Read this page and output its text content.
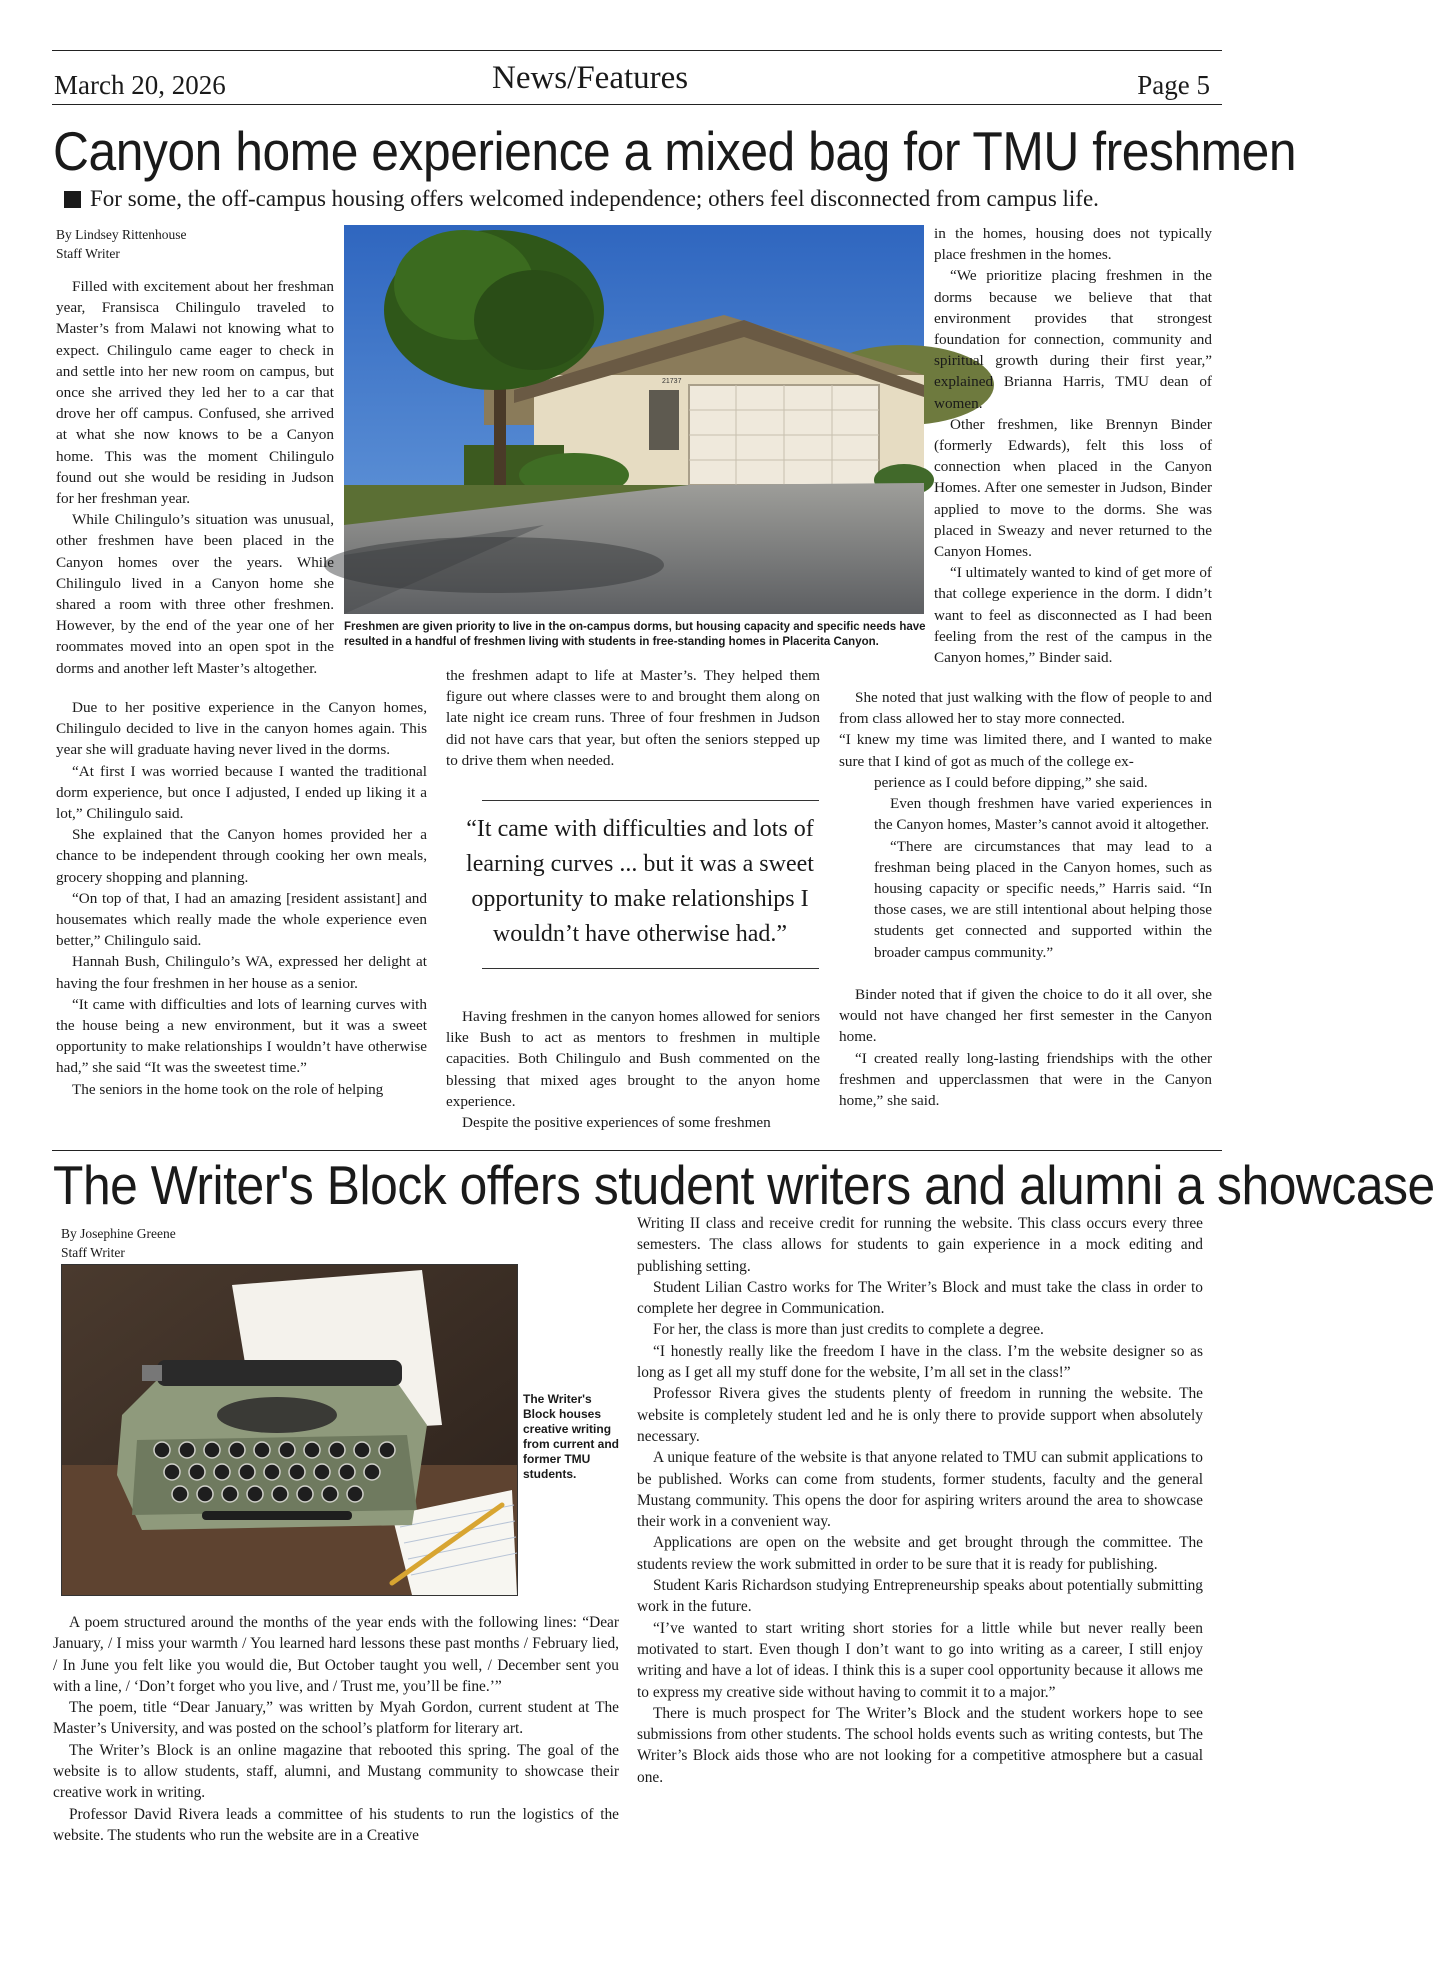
March 20, 2026	News/Features	Page 5
Canyon home experience a mixed bag for TMU freshmen
For some, the off-campus housing offers welcomed independence; others feel disconnected from campus life.
By Lindsey Rittenhouse
Staff Writer
21737
Freshmen are given priority to live in the on-campus dorms, but housing capacity and specific needs have resulted in a handful of freshmen living with students in free-standing homes in Placerita Canyon.

Filled with excitement about her freshman year, Fransisca Chilingulo traveled to Master’s from Malawi not knowing what to expect. Chilingulo came eager to check in and settle into her new room on campus, but once she arrived they led her to a car that drove her off campus. Confused, she arrived at what she now knows to be a Canyon home. This was the moment Chilingulo found out she would be residing in Judson for her freshman year.

While Chilingulo’s situation was unusual, other freshmen have been placed in the Canyon homes over the years. While Chilingulo lived in a Canyon home she shared a room with three other freshmen. However, by the end of the year one of her roommates moved into an open spot in the dorms and another left Master’s altogether.

Due to her positive experience in the Canyon homes, Chilingulo decided to live in the canyon homes again. This year she will graduate having never lived in the dorms.

“At first I was worried because I wanted the traditional dorm experience, but once I adjusted, I ended up liking it a lot,” Chilingulo said.

She explained that the Canyon homes provided her a chance to be independent through cooking her own meals, grocery shopping and planning.

“On top of that, I had an amazing [resident assistant] and housemates which really made the whole experience even better,” Chilingulo said.

Hannah Bush, Chilingulo’s WA, expressed her delight at having the four freshmen in her house as a senior.

“It came with difficulties and lots of learning curves with the house being a new environment, but it was a sweet opportunity to make relationships I wouldn’t have otherwise had,” she said “It was the sweetest time.”

The seniors in the home took on the role of helping

the freshmen adapt to life at Master’s. They helped them figure out where classes were to and brought them along on late night ice cream runs. Three of four freshmen in Judson did not have cars that year, but often the seniors stepped up to drive them when needed.

“It came with difficulties and lots of learning curves ... but it was a sweet opportunity to make relationships I wouldn’t have otherwise had.”

Having freshmen in the canyon homes allowed for seniors like Bush to act as mentors to freshmen in multiple capacities. Both Chilingulo and Bush commented on the blessing that mixed ages brought to the anyon home experience.

Despite the positive experiences of some freshmen

in the homes, housing does not typically place freshmen in the homes.

“We prioritize placing freshmen in the dorms because we believe that that environment provides that strongest foundation for connection, community and spiritual growth during their first year,” explained Brianna Harris, TMU dean of women.

Other freshmen, like Brennyn Binder (formerly Edwards), felt this loss of connection when placed in the Canyon Homes. After one semester in Judson, Binder applied to move to the dorms. She was placed in Sweazy and never returned to the Canyon Homes.

“I ultimately wanted to kind of get more of that college experience in the dorm. I didn’t want to feel as disconnected as I had been feeling from the rest of the campus in the Canyon homes,” Binder said.

She noted that just walking with the flow of people to and from class allowed her to stay more connected.

“I knew my time was limited there, and I wanted to make sure that I kind of got as much of the college ex-

perience as I could before dipping,” she said.

Even though freshmen have varied experiences in the Canyon homes, Master’s cannot avoid it altogether.

“There are circumstances that may lead to a freshman being placed in the Canyon homes, such as housing capacity or specific needs,” Harris said. “In those cases, we are still intentional about helping those students get connected and supported within the broader campus community.”

Binder noted that if given the choice to do it all over, she would not have changed her first semester in the Canyon home.

“I created really long-lasting friendships with the other freshmen and upperclassmen that were in the Canyon home,” she said.

The Writer's Block offers student writers and alumni a showcase
By Josephine Greene
Staff Writer
The Writer's Block houses creative writing from current and former TMU students.

A poem structured around the months of the year ends with the following lines: “Dear January, / I miss your warmth / You learned hard lessons these past months / February lied, / In June you felt like you would die, But October taught you well, / December sent you with a line, / ‘Don’t forget who you live, and / Trust me, you’ll be fine.’”

The poem, title “Dear January,” was written by Myah Gordon, current student at The Master’s University, and was posted on the school’s platform for literary art.

The Writer’s Block is an online magazine that rebooted this spring. The goal of the website is to allow students, staff, alumni, and Mustang community to showcase their creative work in writing.

Professor David Rivera leads a committee of his students to run the logistics of the website. The students who run the website are in a Creative

Writing II class and receive credit for running the website. This class occurs every three semesters. The class allows for students to gain experience in a mock editing and publishing setting.

Student Lilian Castro works for The Writer’s Block and must take the class in order to complete her degree in Communication.

For her, the class is more than just credits to complete a degree.

“I honestly really like the freedom I have in the class. I’m the website designer so as long as I get all my stuff done for the website, I’m all set in the class!”

Professor Rivera gives the students plenty of freedom in running the website. The website is completely student led and he is only there to provide support when absolutely necessary.

A unique feature of the website is that anyone related to TMU can submit applications to be published. Works can come from students, former students, faculty and the general Mustang community. This opens the door for aspiring writers around the area to showcase their work in a convenient way.

Applications are open on the website and get brought through the committee. The students review the work submitted in order to be sure that it is ready for publishing.

Student Karis Richardson studying Entrepreneurship speaks about potentially submitting work in the future.

“I’ve wanted to start writing short stories for a little while but never really been motivated to start. Even though I don’t want to go into writing as a career, I still enjoy writing and have a lot of ideas. I think this is a super cool opportunity because it allows me to express my creative side without having to commit it to a major.”

There is much prospect for The Writer’s Block and the student workers hope to see submissions from other students. The school holds events such as writing contests, but The Writer’s Block aids those who are not looking for a competitive atmosphere but a casual one.
